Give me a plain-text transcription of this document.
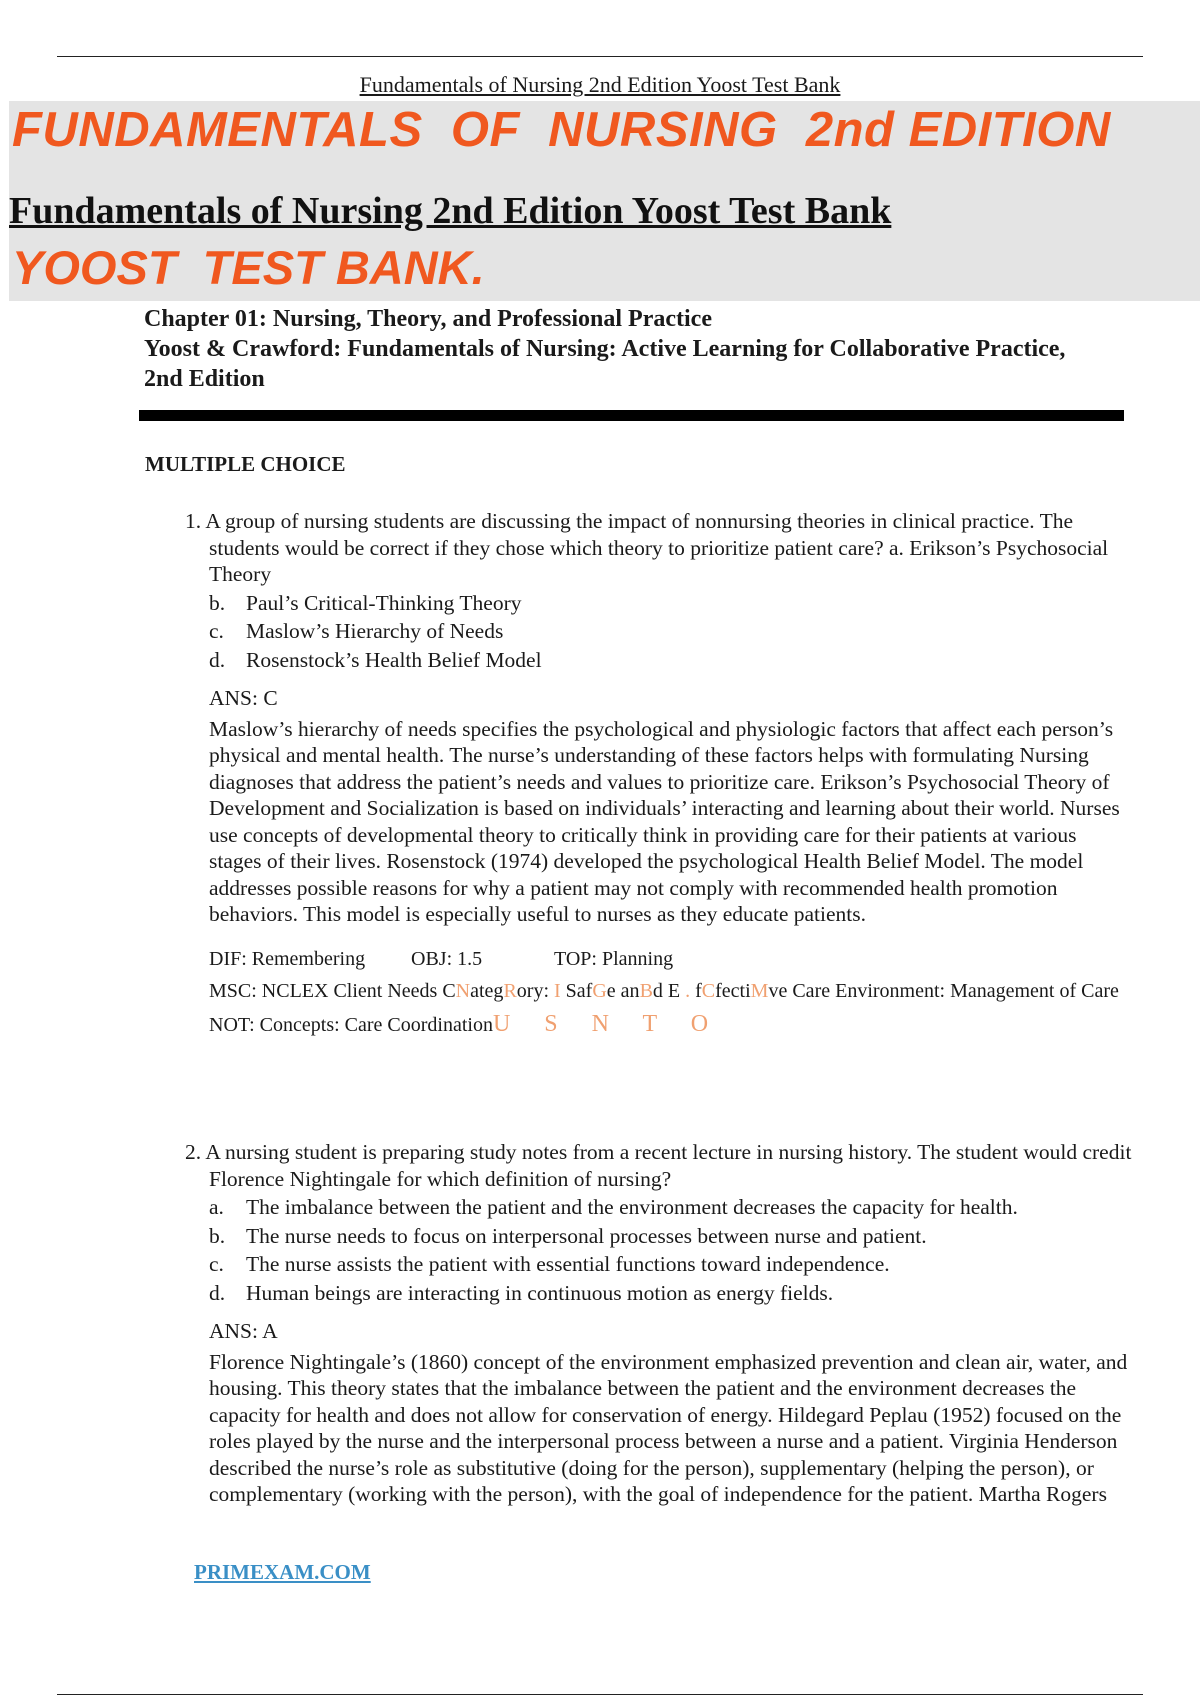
Fundamentals of Nursing 2nd Edition Yoost Test Bank
FUNDAMENTALS  OF  NURSING  2nd EDITION
Fundamentals of Nursing 2nd Edition Yoost Test Bank
YOOST  TEST BANK.
Chapter 01: Nursing, Theory, and Professional Practice
Yoost & Crawford: Fundamentals of Nursing: Active Learning for Collaborative Practice, 2nd Edition
MULTIPLE CHOICE

1. A group of nursing students are discussing the impact of nonnursing theories in clinical practice. The students would be correct if they chose which theory to prioritize patient care? a. Erikson’s Psychosocial Theory

b. Paul’s Critical-Thinking Theory
c. Maslow’s Hierarchy of Needs
d. Rosenstock’s Health Belief Model
ANS: C
Maslow’s hierarchy of needs specifies the psychological and physiologic factors that affect each person’s physical and mental health. The nurse’s understanding of these factors helps with formulating Nursing diagnoses that address the patient’s needs and values to prioritize care. Erikson’s Psychosocial Theory of Development and Socialization is based on individuals’ interacting and learning about their world. Nurses use concepts of developmental theory to critically think in providing care for their patients at various stages of their lives. Rosenstock (1974) developed the psychological Health Belief Model. The model addresses possible reasons for why a patient may not comply with recommended health promotion behaviors. This model is especially useful to nurses as they educate patients.
DIF: Remembering OBJ: 1.5	TOP: Planning
MSC: NCLEX Client Needs CNategRory: I SafGe anBd E . fCfectiMve Care Environment: Management of Care
NOT: Concepts: Care CoordinationU S N T O

2. A nursing student is preparing study notes from a recent lecture in nursing history. The student would credit Florence Nightingale for which definition of nursing?

a. The imbalance between the patient and the environment decreases the capacity for health.
b. The nurse needs to focus on interpersonal processes between nurse and patient.
c. The nurse assists the patient with essential functions toward independence.
d. Human beings are interacting in continuous motion as energy fields.
ANS: A
Florence Nightingale’s (1860) concept of the environment emphasized prevention and clean air, water, and housing. This theory states that the imbalance between the patient and the environment decreases the capacity for health and does not allow for conservation of energy. Hildegard Peplau (1952) focused on the roles played by the nurse and the interpersonal process between a nurse and a patient. Virginia Henderson described the nurse’s role as substitutive (doing for the person), supplementary (helping the person), or complementary (working with the person), with the goal of independence for the patient. Martha Rogers
PRIMEXAM.COM
